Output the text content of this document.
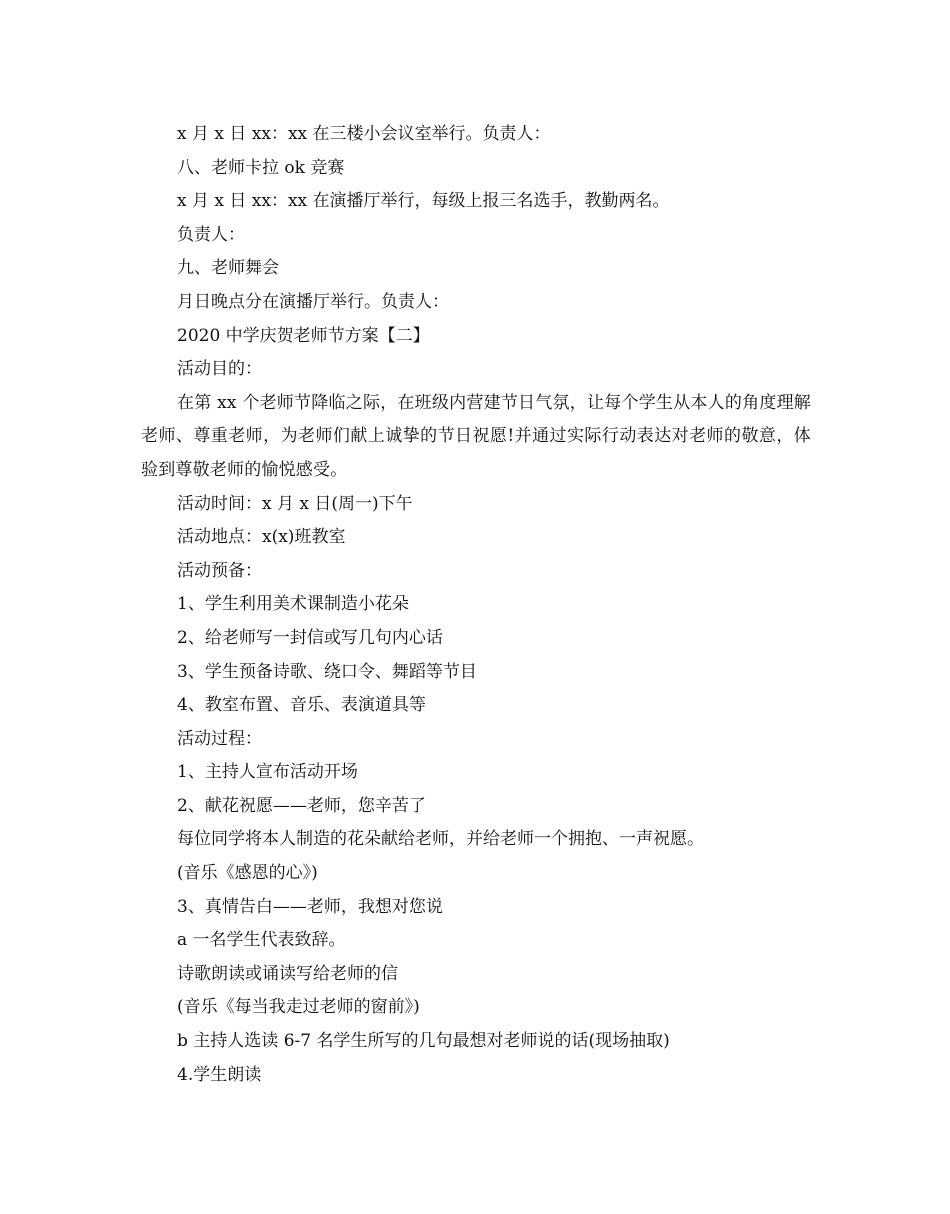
x 月 x 日 xx：xx 在三楼小会议室举行。负责人：
八、老师卡拉 ok 竞赛
x 月 x 日 xx：xx 在演播厅举行，每级上报三名选手，教勤两名。
负责人：
九、老师舞会
月日晚点分在演播厅举行。负责人：
2020 中学庆贺老师节方案【二】
活动目的：

在第 xx 个老师节降临之际，在班级内营建节日气氛，让每个学生从本人的角度理解老师、尊重老师，为老师们献上诚挚的节日祝愿!并通过实际行动表达对老师的敬意，体验到尊敬老师的愉悦感受。

活动时间：x 月 x 日(周一)下午
活动地点：x(x)班教室
活动预备：
1、学生利用美术课制造小花朵
2、给老师写一封信或写几句内心话
3、学生预备诗歌、绕口令、舞蹈等节目
4、教室布置、音乐、表演道具等
活动过程：
1、主持人宣布活动开场
2、献花祝愿——老师，您辛苦了
每位同学将本人制造的花朵献给老师，并给老师一个拥抱、一声祝愿。
(音乐《感恩的心》)
3、真情告白——老师，我想对您说
a 一名学生代表致辞。
诗歌朗读或诵读写给老师的信
(音乐《每当我走过老师的窗前》)
b 主持人选读 6-7 名学生所写的几句最想对老师说的话(现场抽取)
4.学生朗读
